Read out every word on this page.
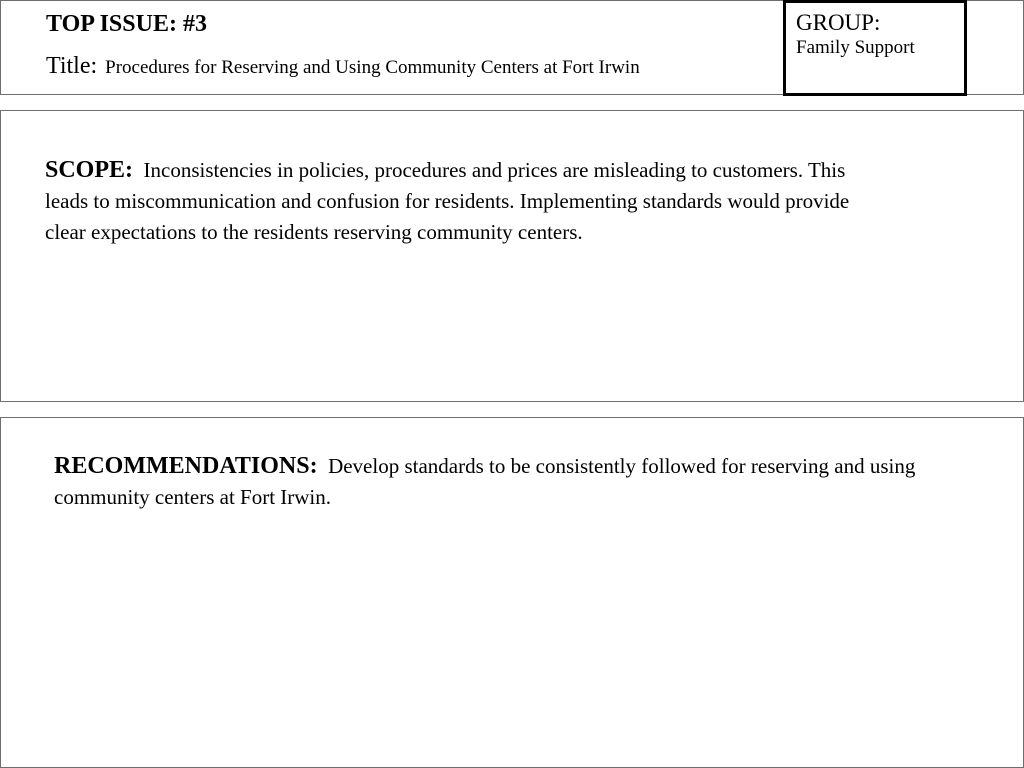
TOP ISSUE: #3
Title: Procedures for Reserving and Using Community Centers at Fort Irwin
GROUP:
Family Support
SCOPE: Inconsistencies in policies, procedures and prices are misleading to customers. This leads to miscommunication and confusion for residents. Implementing standards would provide clear expectations to the residents reserving community centers.
RECOMMENDATIONS: Develop standards to be consistently followed for reserving and using community centers at Fort Irwin.
